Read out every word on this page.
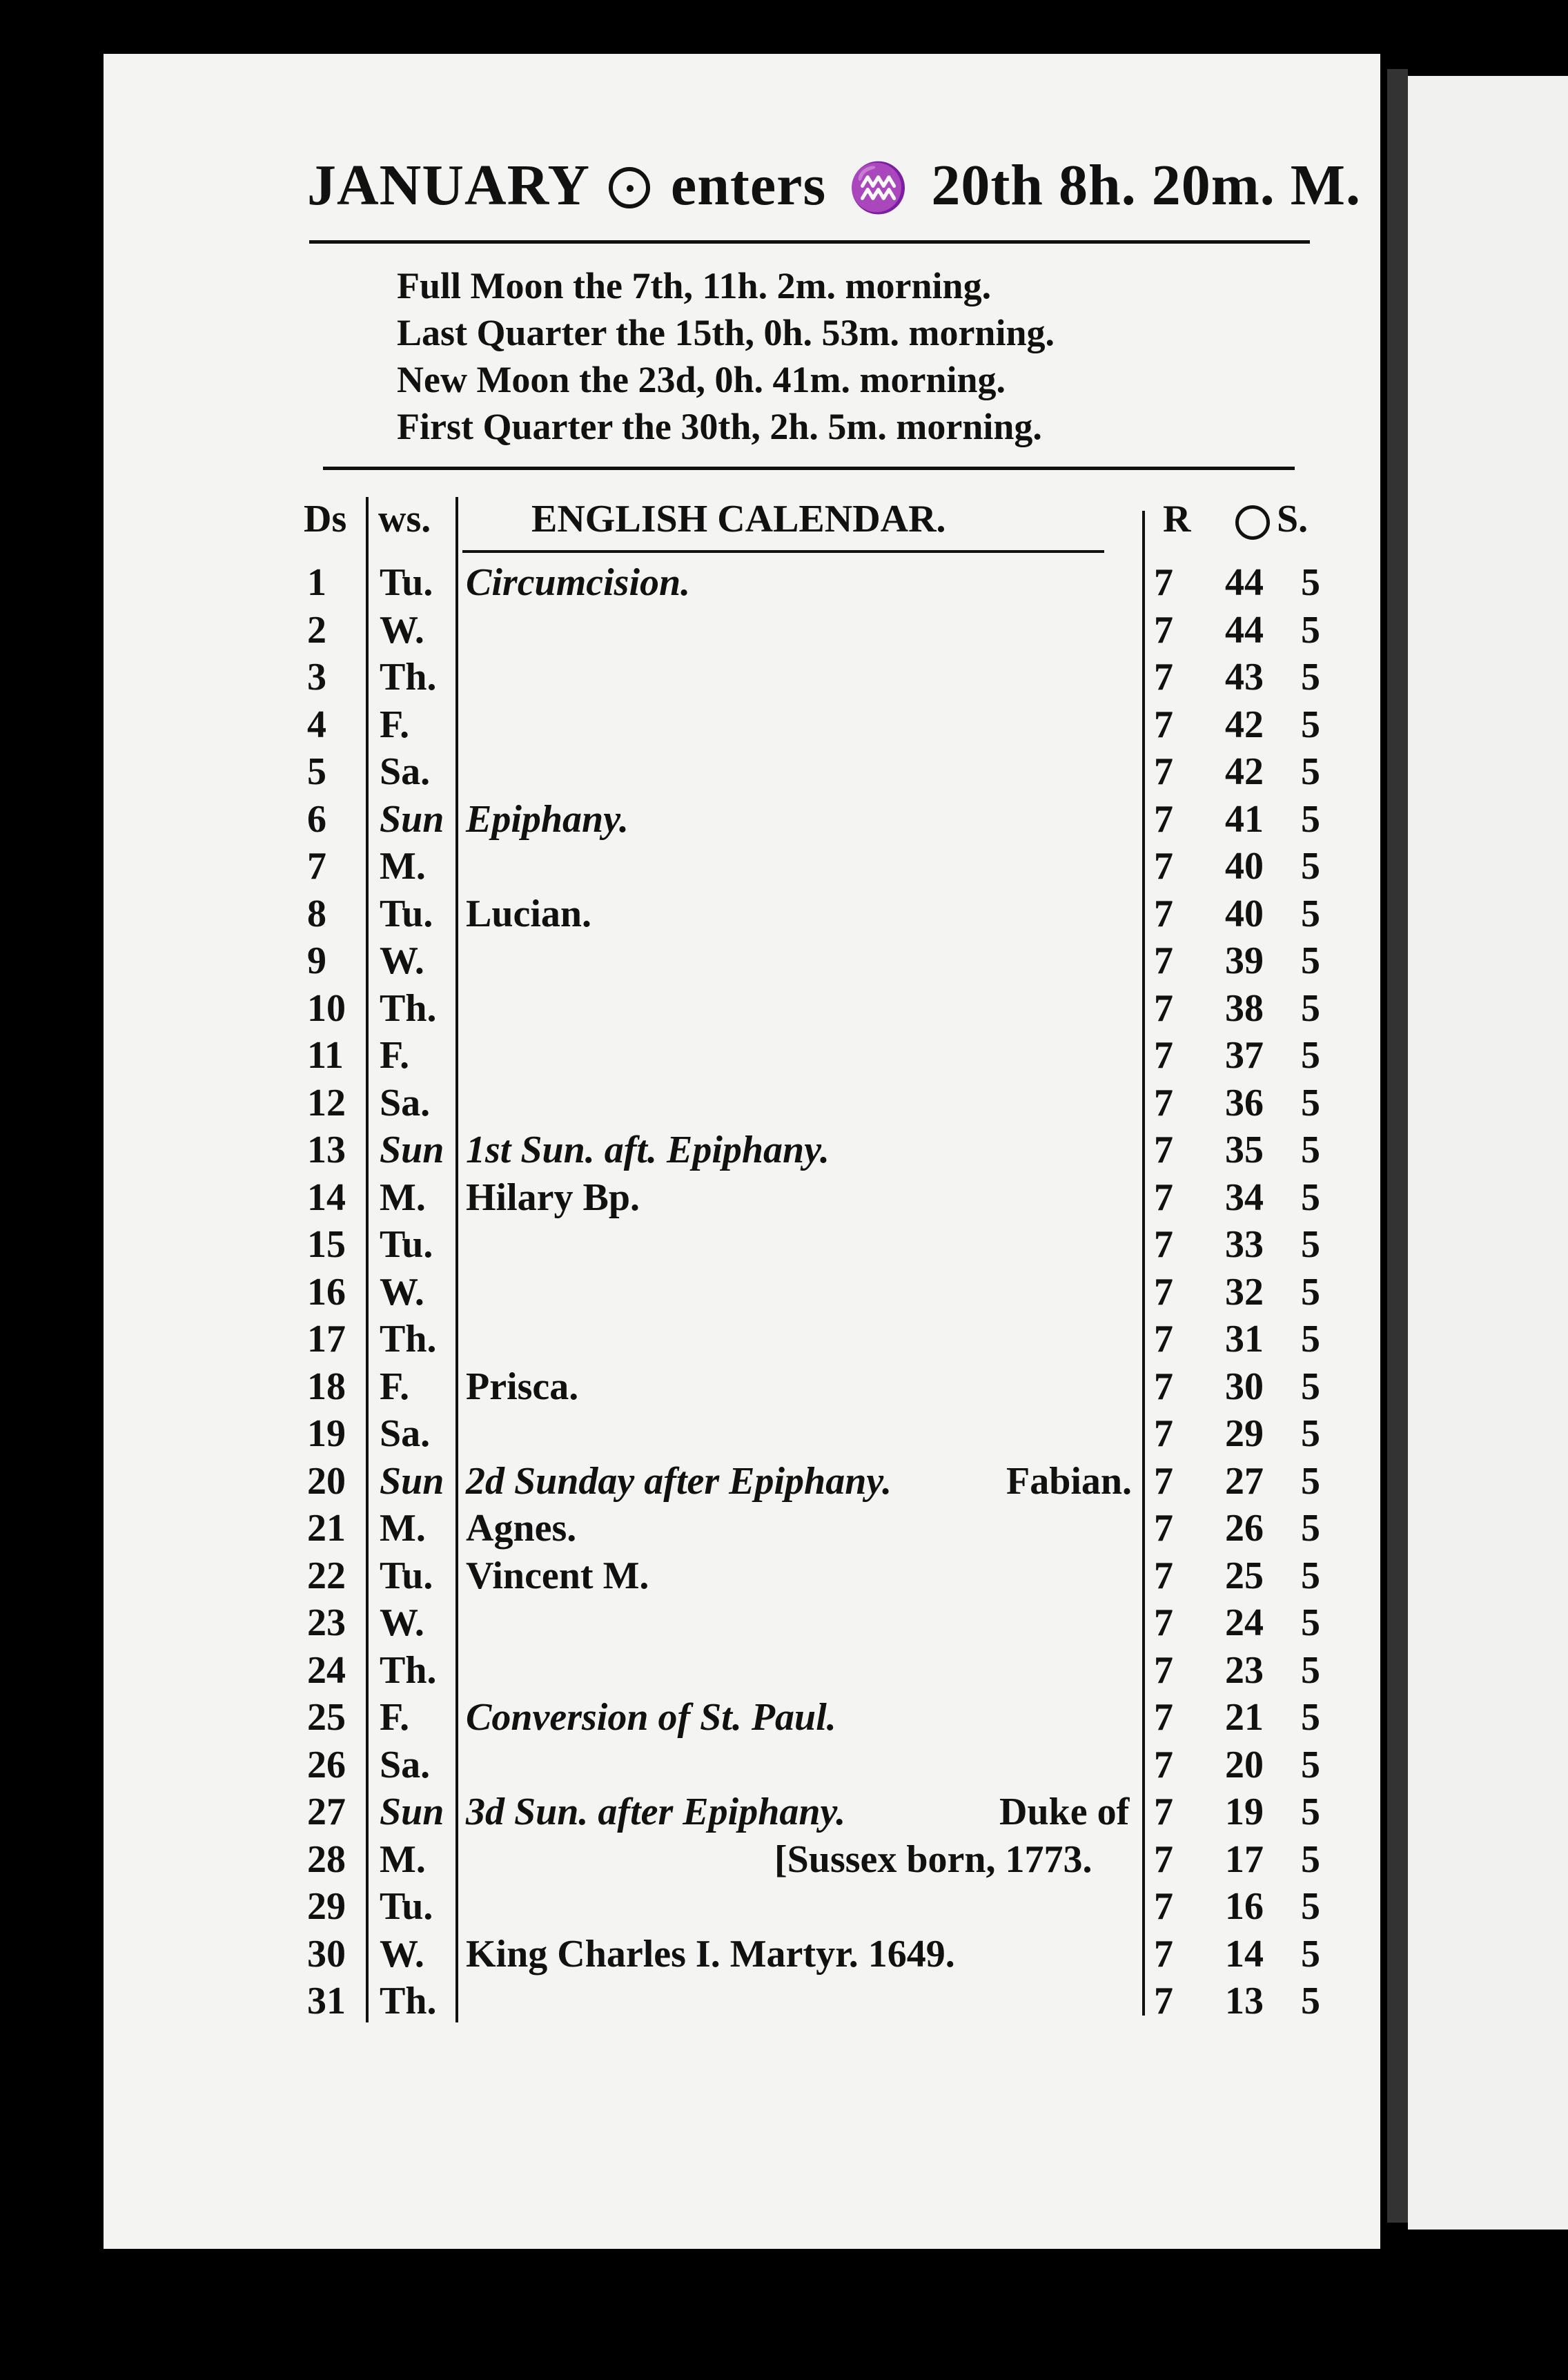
JANUARY enters ♒ 20th 8h. 20m. M.
Full Moon the 7th, 11h. 2m. morning.
Last Quarter the 15th, 0h. 53m. morning.
New Moon the 23d, 0h. 41m. morning.
First Quarter the 30th, 2h. 5m. morning.
Ds ws.	ENGLISH CALENDAR.	R S.
1	Tu. Circumcision.	7	44 5
2	W.	7	44 5
3	Th.	7	43 5
4	F.	7	42 5
5	Sa.	7	42 5
6	Sun Epiphany.	7	41 5
7	M.	7	40 5
8	Tu. Lucian.	7	40 5
9	W.	7	39 5
10 Th.	7	38 5
11 F.	7	37 5
12 Sa.	7	36 5
13 Sun 1st Sun. aft. Epiphany.	7	35 5
14 M. Hilary Bp.	7	34 5
15 Tu.	7	33 5
16 W.	7	32 5
17 Th.	7	31 5
18 F. Prisca.	7	30 5
19 Sa.	7	29 5
20 Sun 2d Sunday after Epiphany.	Fabian. 7	27 5
21 M. Agnes.	7	26 5
22 Tu. Vincent M.	7	25 5
23 W.	7	24 5
24 Th.	7	23 5
25 F. Conversion of St. Paul.	7	21 5
26 Sa.	7	20 5
27 Sun 3d Sun. after Epiphany.	Duke of 7	19 5
28 M.	[Sussex born, 1773. 7	17 5
29 Tu.	7	16 5
30 W. King Charles I. Martyr. 1649.	7	14 5
31 Th.	7	13 5
